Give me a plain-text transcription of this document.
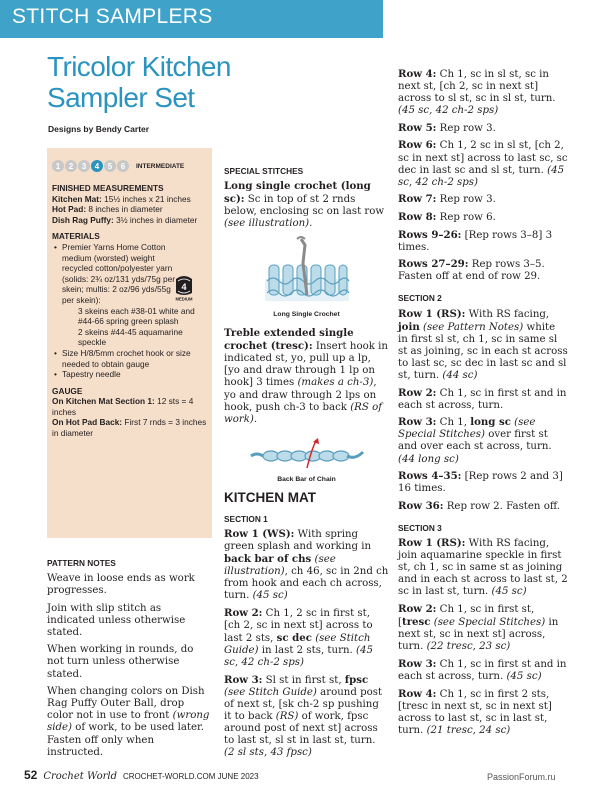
STITCH SAMPLERS
Tricolor Kitchen Sampler Set
Designs by Bendy Carter
1	2	3	4	5	6	INTERMEDIATE
4
MEDIUM
FINISHED MEASUREMENTS

Kitchen Mat: 15½ inches x 21 inches

Hot Pad: 8 inches in diameter

Dish Rag Puffy: 3½ inches in diameter

MATERIALS
• Premier Yarns Home Cotton medium (worsted) weight recycled cotton/polyester yarn (solids: 2¾ oz/131 yds/75g per skein; multis: 2 oz/96 yds/55g per skein):
3 skeins each #38-01 white and #44-66 spring green splash
2 skeins #44-45 aquamarine speckle
• Size H/8/5mm crochet hook or size needed to obtain gauge
• Tapestry needle
GAUGE

On Kitchen Mat Section 1: 12 sts = 4 inches

On Hot Pad Back: First 7 rnds = 3 inches in diameter

PATTERN NOTES

Weave in loose ends as work progresses.

Join with slip stitch as indicated unless otherwise stated.

When working in rounds, do not turn unless otherwise stated.

When changing colors on Dish Rag Puffy Outer Ball, drop color not in use to front (wrong side) of work, to be used later. Fasten off only when instructed.

SPECIAL STITCHES

Long single crochet (long sc): Sc in top of st 2 rnds below, enclosing sc on last row (see illustration).

Long Single Crochet

Treble extended single crochet (tresc): Insert hook in indicated st, yo, pull up a lp, [yo and draw through 1 lp on hook] 3 times (makes a ch-3), yo and draw through 2 lps on hook, push ch-3 to back (RS of work).

Back Bar of Chain
KITCHEN MAT
SECTION 1

Row 1 (WS): With spring green splash and working in back bar of chs (see illustration), ch 46, sc in 2nd ch from hook and each ch across, turn. (45 sc)

Row 2: Ch 1, 2 sc in first st, [ch 2, sc in next st] across to last 2 sts, sc dec (see Stitch Guide) in last 2 sts, turn. (45 sc, 42 ch-2 sps)

Row 3: Sl st in first st, fpsc (see Stitch Guide) around post of next st, [sk ch-2 sp pushing it to back (RS) of work, fpsc around post of next st] across to last st, sl st in last st, turn. (2 sl sts, 43 fpsc)

Row 4: Ch 1, sc in sl st, sc in next st, [ch 2, sc in next st] across to sl st, sc in sl st, turn. (45 sc, 42 ch-2 sps)

Row 5: Rep row 3.

Row 6: Ch 1, 2 sc in sl st, [ch 2, sc in next st] across to last sc, sc dec in last sc and sl st, turn. (45 sc, 42 ch-2 sps)

Row 7: Rep row 3.

Row 8: Rep row 6.

Rows 9–26: [Rep rows 3–8] 3 times.

Rows 27–29: Rep rows 3–5. Fasten off at end of row 29.

SECTION 2

Row 1 (RS): With RS facing, join (see Pattern Notes) white in first sl st, ch 1, sc in same sl st as joining, sc in each st across to last sc, sc dec in last sc and sl st, turn. (44 sc)

Row 2: Ch 1, sc in first st and in each st across, turn.

Row 3: Ch 1, long sc (see Special Stitches) over first st and over each st across, turn. (44 long sc)

Rows 4–35: [Rep rows 2 and 3] 16 times.

Row 36: Rep row 2. Fasten off.

SECTION 3

Row 1 (RS): With RS facing, join aquamarine speckle in first st, ch 1, sc in same st as joining and in each st across to last st, 2 sc in last st, turn. (45 sc)

Row 2: Ch 1, sc in first st, [tresc (see Special Stitches) in next st, sc in next st] across, turn. (22 tresc, 23 sc)

Row 3: Ch 1, sc in first st and in each st across, turn. (45 sc)

Row 4: Ch 1, sc in first 2 sts, [tresc in next st, sc in next st] across to last st, sc in last st, turn. (21 tresc, 24 sc)

52 Crochet World CROCHET-WORLD.COM JUNE 2023	PassionForum.ru
